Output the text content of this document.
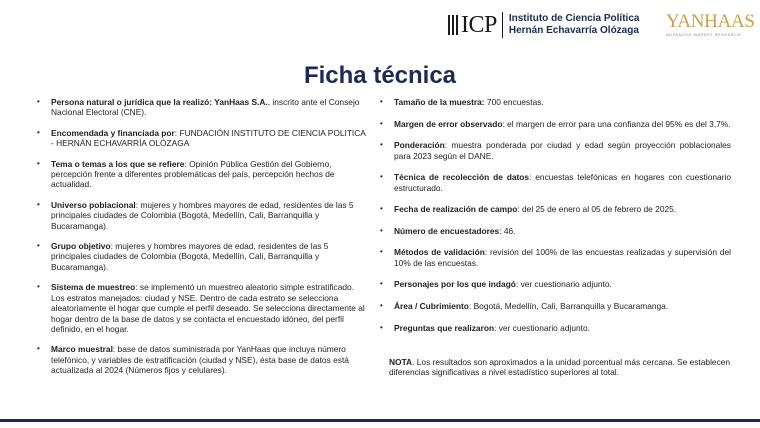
ICP Instituto de Ciencia Política
Hernán Echavarría Olózaga YANHAAS
ADVANCED MARKET RESEARCH
Ficha técnica
• Persona natural o jurídica que la realizó: YanHaas S.A., inscrito ante el Consejo Nacional Electoral (CNE).
• Encomendada y financiada por: FUNDACIÓN INSTITUTO DE CIENCIA POLITICA - HERNÁN ECHAVARRÍA OLÓZAGA
• Tema o temas a los que se refiere: Opinión Pública Gestión del Gobierno, percepción frente a diferentes problemáticas del país, percepción hechos de actualidad.
• Universo poblacional: mujeres y hombres mayores de edad, residentes de las 5 principales ciudades de Colombia (Bogotá, Medellín, Cali, Barranquilla y Bucaramanga).
• Grupo objetivo: mujeres y hombres mayores de edad, residentes de las 5 principales ciudades de Colombia (Bogotá, Medellín, Cali, Barranquilla y Bucaramanga).
• Sistema de muestreo: se implementó un muestreo aleatorio simple estratificado. Los estratos manejados: ciudad y NSE. Dentro de cada estrato se selecciona aleatoriamente el hogar que cumple el perfil deseado. Se selecciona directamente al hogar dentro de la base de datos y se contacta el encuestado idóneo, del perfil definido, en el hogar.
• Marco muestral: base de datos suministrada por YanHaas que incluya número telefónico, y variables de estratificación (ciudad y NSE), ésta base de datos está actualizada al 2024 (Números fijos y celulares).
• Tamaño de la muestra: 700 encuestas.
• Margen de error observado: el margen de error para una confianza del 95% es del 3,7%.
• Ponderación: muestra ponderada por ciudad y edad según proyección poblacionales para 2023 según el DANE.
• Técnica de recolección de datos: encuestas telefónicas en hogares con cuestionario estructurado.
• Fecha de realización de campo: del 25 de enero al 05 de febrero de 2025.
• Número de encuestadores: 46.
• Métodos de validación: revisión del 100% de las encuestas realizadas y supervisión del 10% de las encuestas.
• Personajes por los que indagó: ver cuestionario adjunto.
• Área / Cubrimiento: Bogotá, Medellín, Cali, Barranquilla y Bucaramanga.
• Preguntas que realizaron: ver cuestionario adjunto.
NOTA. Los resultados son aproximados a la unidad porcentual más cercana. Se establecen diferencias significativas a nivel estadístico superiores al total.
